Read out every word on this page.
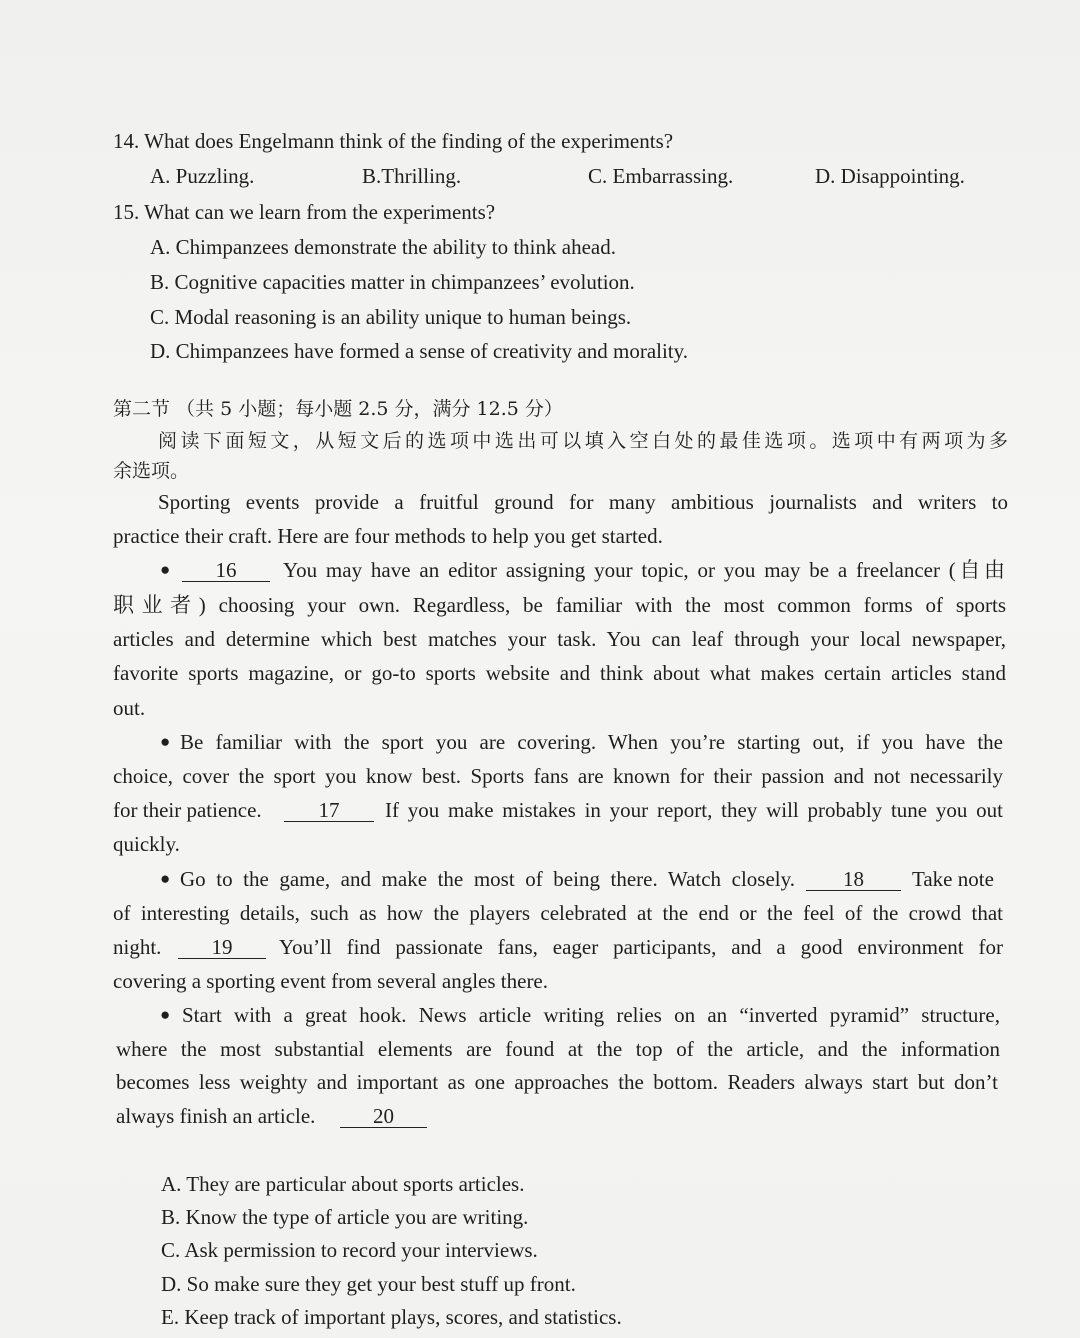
14. What does Engelmann think of the finding of the experiments?
A. Puzzling.	B.Thrilling.	C. Embarrassing.	D. Disappointing.
15. What can we learn from the experiments?
A. Chimpanzees demonstrate the ability to think ahead.
B. Cognitive capacities matter in chimpanzees’ evolution.
C. Modal reasoning is an ability unique to human beings.
D. Chimpanzees have formed a sense of creativity and morality.
第二节 （共 5 小题；每小题 2.5 分，满分 12.5 分）
阅读下面短文，从短文后的选项中选出可以填入空白处的最佳选项。选项中有两项为多
余选项。
Sporting events provide a fruitful ground for many ambitious journalists and writers to
practice their craft. Here are four methods to help you get started.
●	16	You may have an editor assigning your topic, or you may be a freelancer (自由
职业者) choosing your own. Regardless, be familiar with the most common forms of sports
articles and determine which best matches your task. You can leaf through your local newspaper,
favorite sports magazine, or go-to sports website and think about what makes certain articles stand
out.
● Be familiar with the sport you are covering. When you’re starting out, if you have the
choice, cover the sport you know best. Sports fans are known for their passion and not necessarily
for their patience.	17	If you make mistakes in your report, they will probably tune you out
quickly.
● Go to the game, and make the most of being there. Watch closely.	18	Take note
of interesting details, such as how the players celebrated at the end or the feel of the crowd that
night.	19	You’ll find passionate fans, eager participants, and a good environment for
covering a sporting event from several angles there.
● Start with a great hook. News article writing relies on an “inverted pyramid” structure,
where the most substantial elements are found at the top of the article, and the information
becomes less weighty and important as one approaches the bottom. Readers always start but don’t
always finish an article.	20
A. They are particular about sports articles.
B. Know the type of article you are writing.
C. Ask permission to record your interviews.
D. So make sure they get your best stuff up front.
E. Keep track of important plays, scores, and statistics.
